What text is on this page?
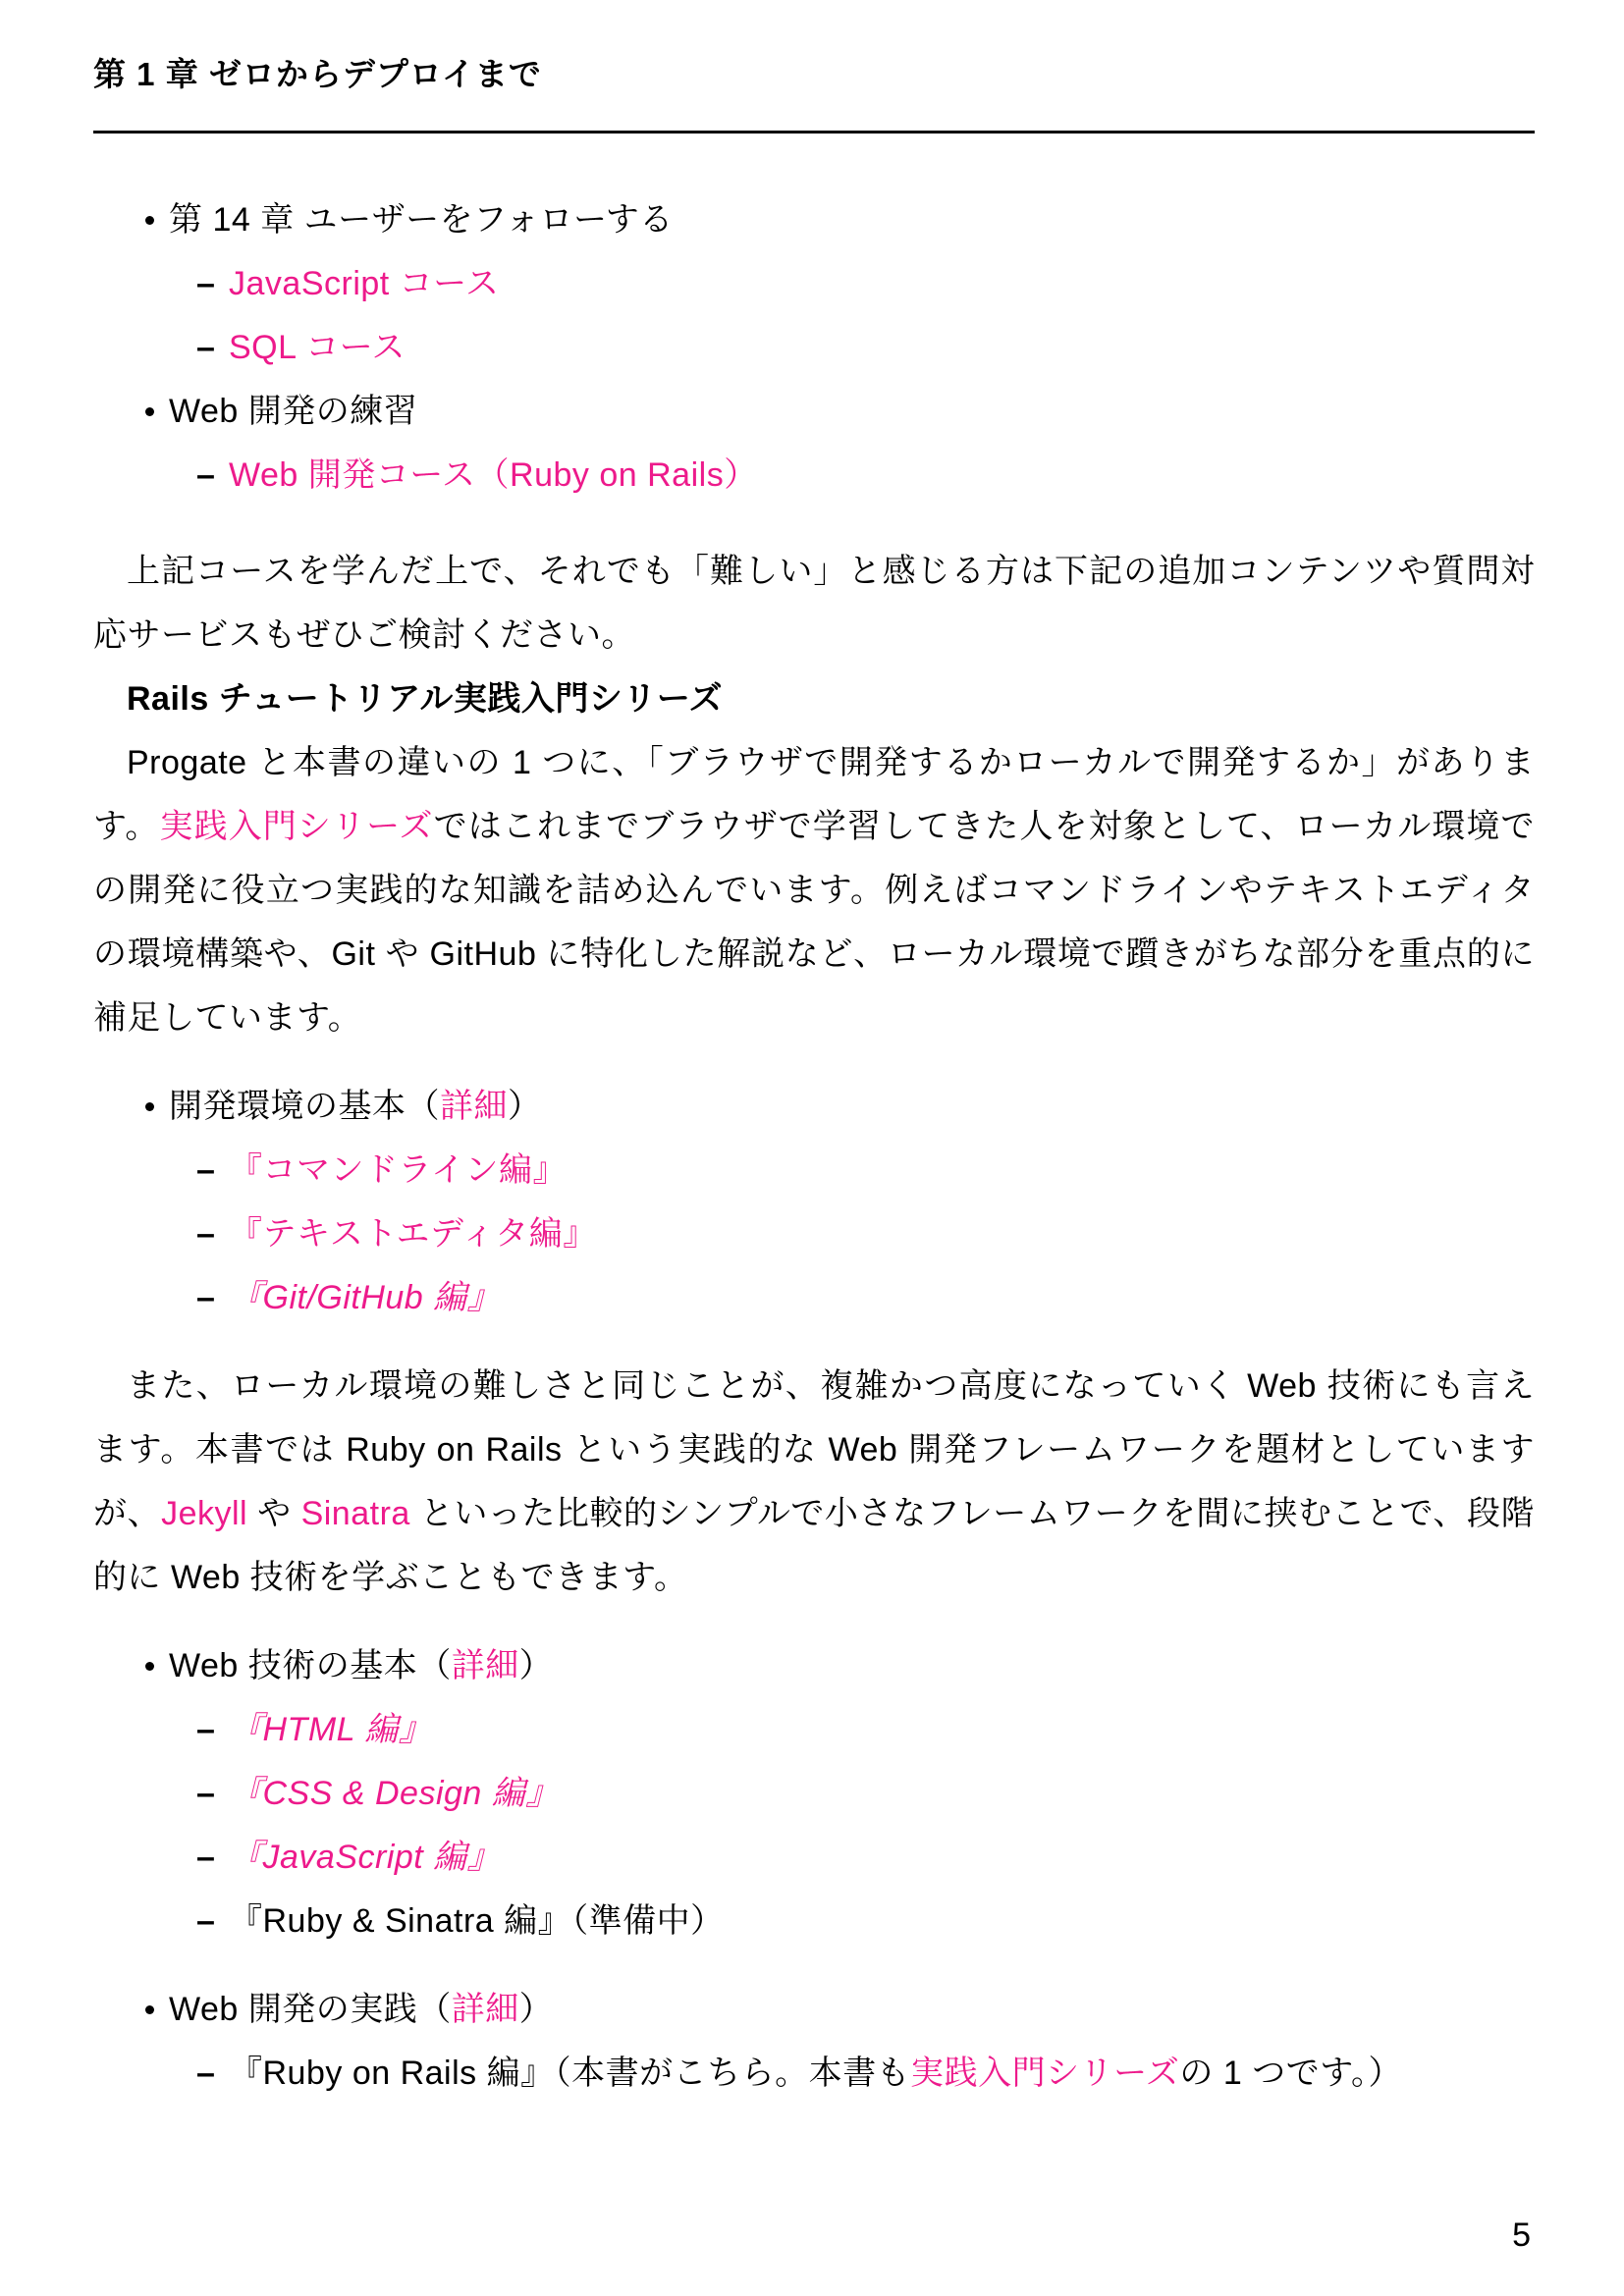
第 1 章 ゼロからデプロイまで
第 14 章 ユーザーをフォローする
–
JavaScript コース
–
SQL コース
Web 開発の練習
–
Web 開発コース（Ruby on Rails）

上記コースを学んだ上で、それでも「難しい」と感じる方は下記の追加コンテンツや質問対応サービスもぜひご検討ください。

Rails チュートリアル実践入門シリーズ

Progate と本書の違いの 1 つに、「ブラウザで開発するかローカルで開発するか」があります。実践入門シリーズではこれまでブラウザで学習してきた人を対象として、ローカル環境での開発に役立つ実践的な知識を詰め込んでいます。例えばコマンドラインやテキストエディタの環境構築や、Git や GitHub に特化した解説など、ローカル環境で躓きがちな部分を重点的に補足しています。

開発環境の基本（詳細）
–
『コマンドライン編』
–
『テキストエディタ編』
–
『Git/GitHub 編』

また、ローカル環境の難しさと同じことが、複雑かつ高度になっていく Web 技術にも言えます。本書では Ruby on Rails という実践的な Web 開発フレームワークを題材としていますが、Jekyll や Sinatra といった比較的シンプルで小さなフレームワークを間に挟むことで、段階的に Web 技術を学ぶこともできます。

Web 技術の基本（詳細）
–
『HTML 編』
–
『CSS & Design 編』
–
『JavaScript 編』
–
『Ruby & Sinatra 編』（準備中）
Web 開発の実践（詳細）
–
『Ruby on Rails 編』（本書がこちら。本書も実践入門シリーズの 1 つです。）
5
